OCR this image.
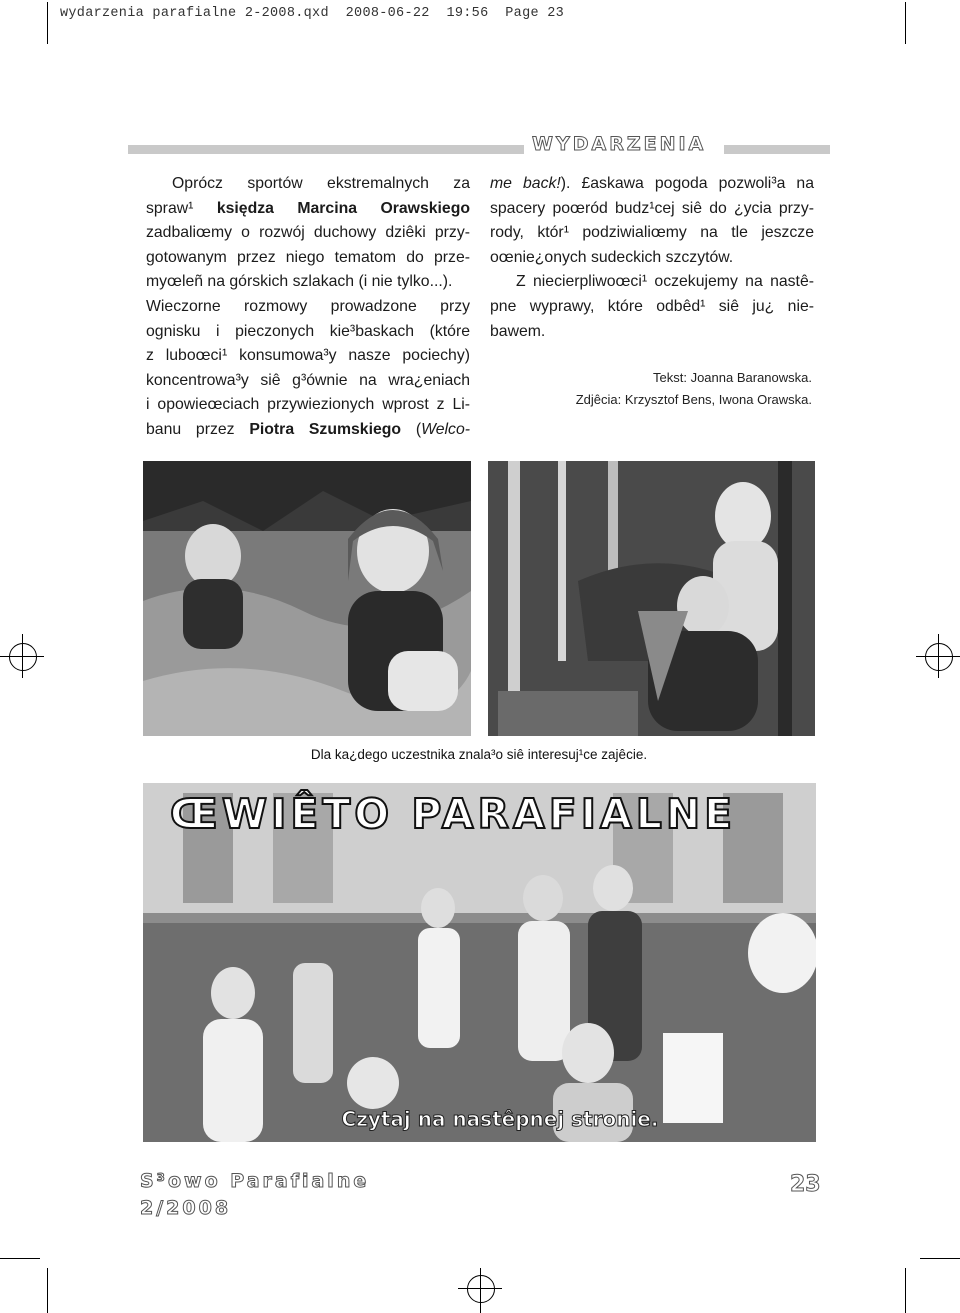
wydarzenia parafialne 2-2008.qxd  2008-06-22  19:56  Page 23
WYDARZENIA
Oprócz sportów ekstremalnych za
spraw¹ księdza Marcina Orawskiego
zadbaliœmy o rozwój duchowy dziêki przy-
gotowanym przez niego tematom do prze-
myœleñ na górskich szlakach (i nie tylko...).
Wieczorne rozmowy prowadzone przy
ognisku i pieczonych kie³baskach (które
z luboœci¹ konsumowa³y nasze pociechy)
koncentrowa³y siê g³ównie na wra¿eniach
i opowieœciach przywiezionych wprost z Li-
banu przez Piotra Szumskiego (Welco-
me back!). £askawa pogoda pozwoli³a na
spacery poœród budz¹cej siê do ¿ycia przy-
rody, któr¹ podziwialiœmy na tle jeszcze
oœnie¿onych sudeckich szczytów.
Z niecierpliwoœci¹ oczekujemy na nastê-
pne wyprawy, które odbêd¹ siê ju¿ nie-
bawem.
Tekst: Joanna Baranowska.
Zdjêcia: Krzysztof Bens, Iwona Orawska.
Dla ka¿dego uczestnika znala³o siê interesuj¹ce zajêcie.
ŒWIÊTO PARAFIALNE
Czytaj na nastêpnej stronie.
S³owo Parafialne
2/2008
23
